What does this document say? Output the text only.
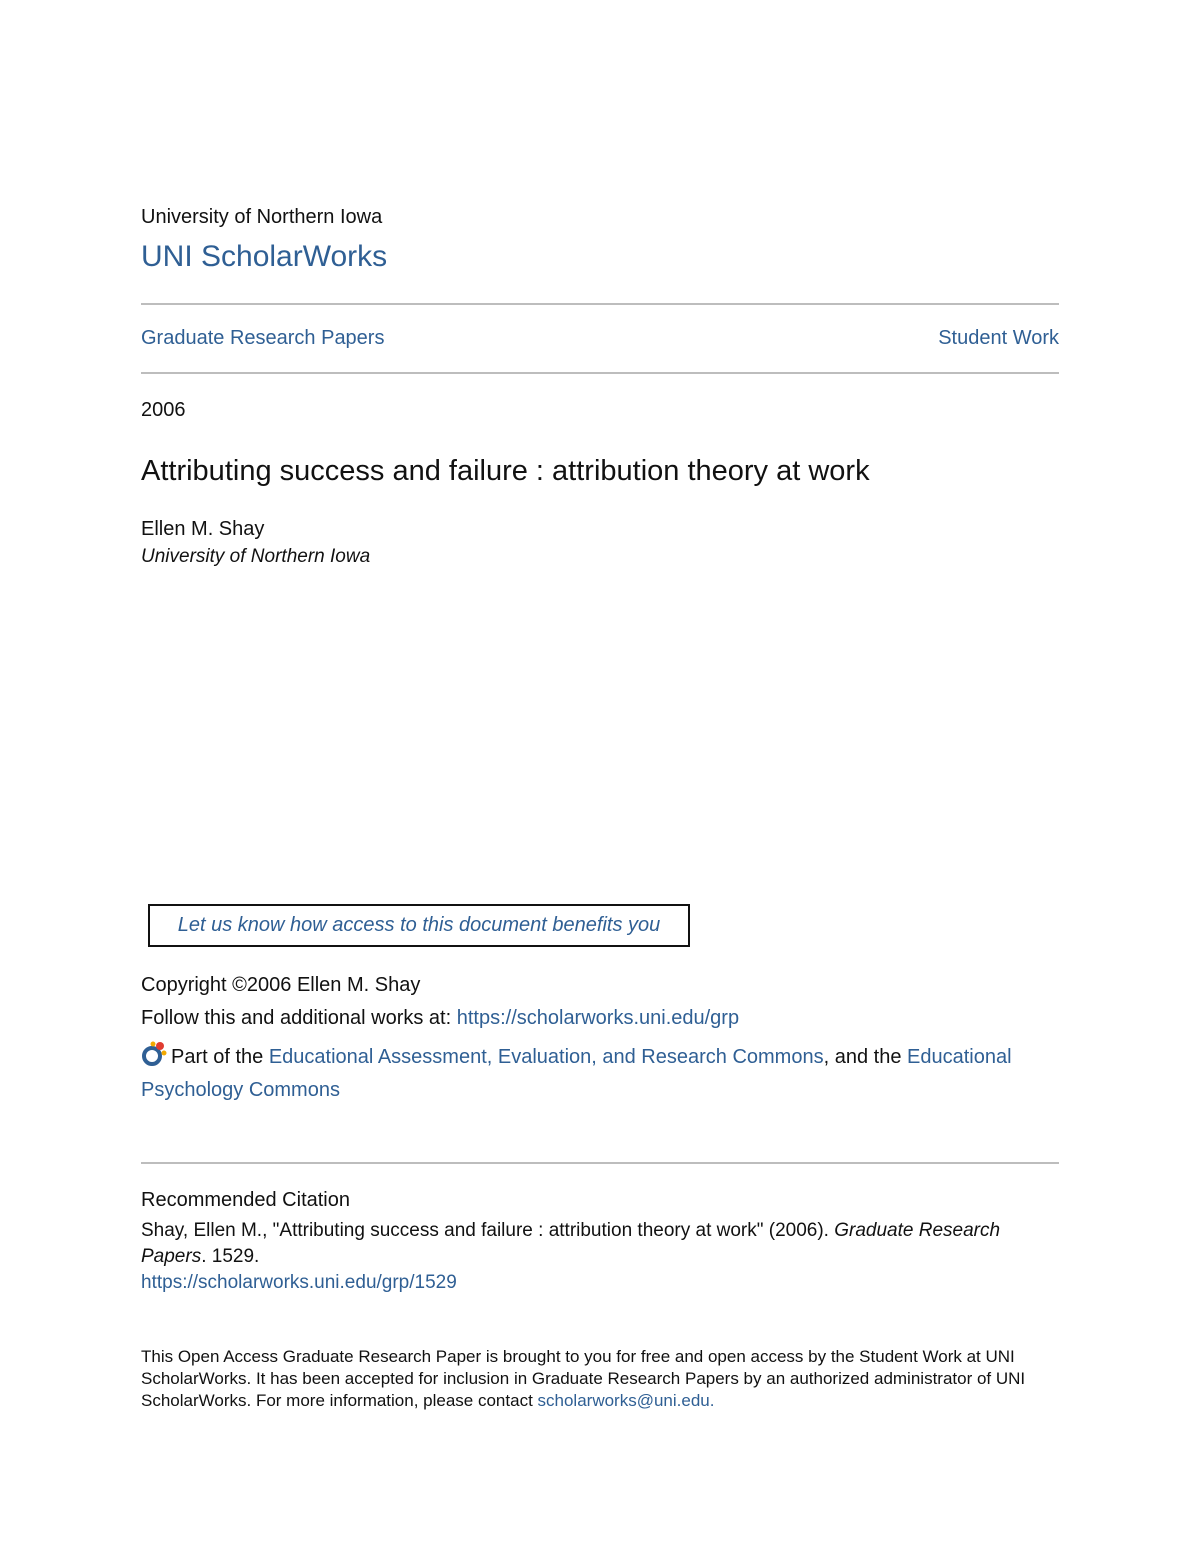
University of Northern Iowa
UNI ScholarWorks
Graduate Research Papers	Student Work
2006
Attributing success and failure : attribution theory at work
Ellen M. Shay
University of Northern Iowa
Let us know how access to this document benefits you
Copyright ©2006 Ellen M. Shay
Follow this and additional works at: https://scholarworks.uni.edu/grp
Part of the Educational Assessment, Evaluation, and Research Commons, and the Educational Psychology Commons
Recommended Citation
Shay, Ellen M., "Attributing success and failure : attribution theory at work" (2006). Graduate Research Papers. 1529.
https://scholarworks.uni.edu/grp/1529
This Open Access Graduate Research Paper is brought to you for free and open access by the Student Work at UNI ScholarWorks. It has been accepted for inclusion in Graduate Research Papers by an authorized administrator of UNI ScholarWorks. For more information, please contact scholarworks@uni.edu.
